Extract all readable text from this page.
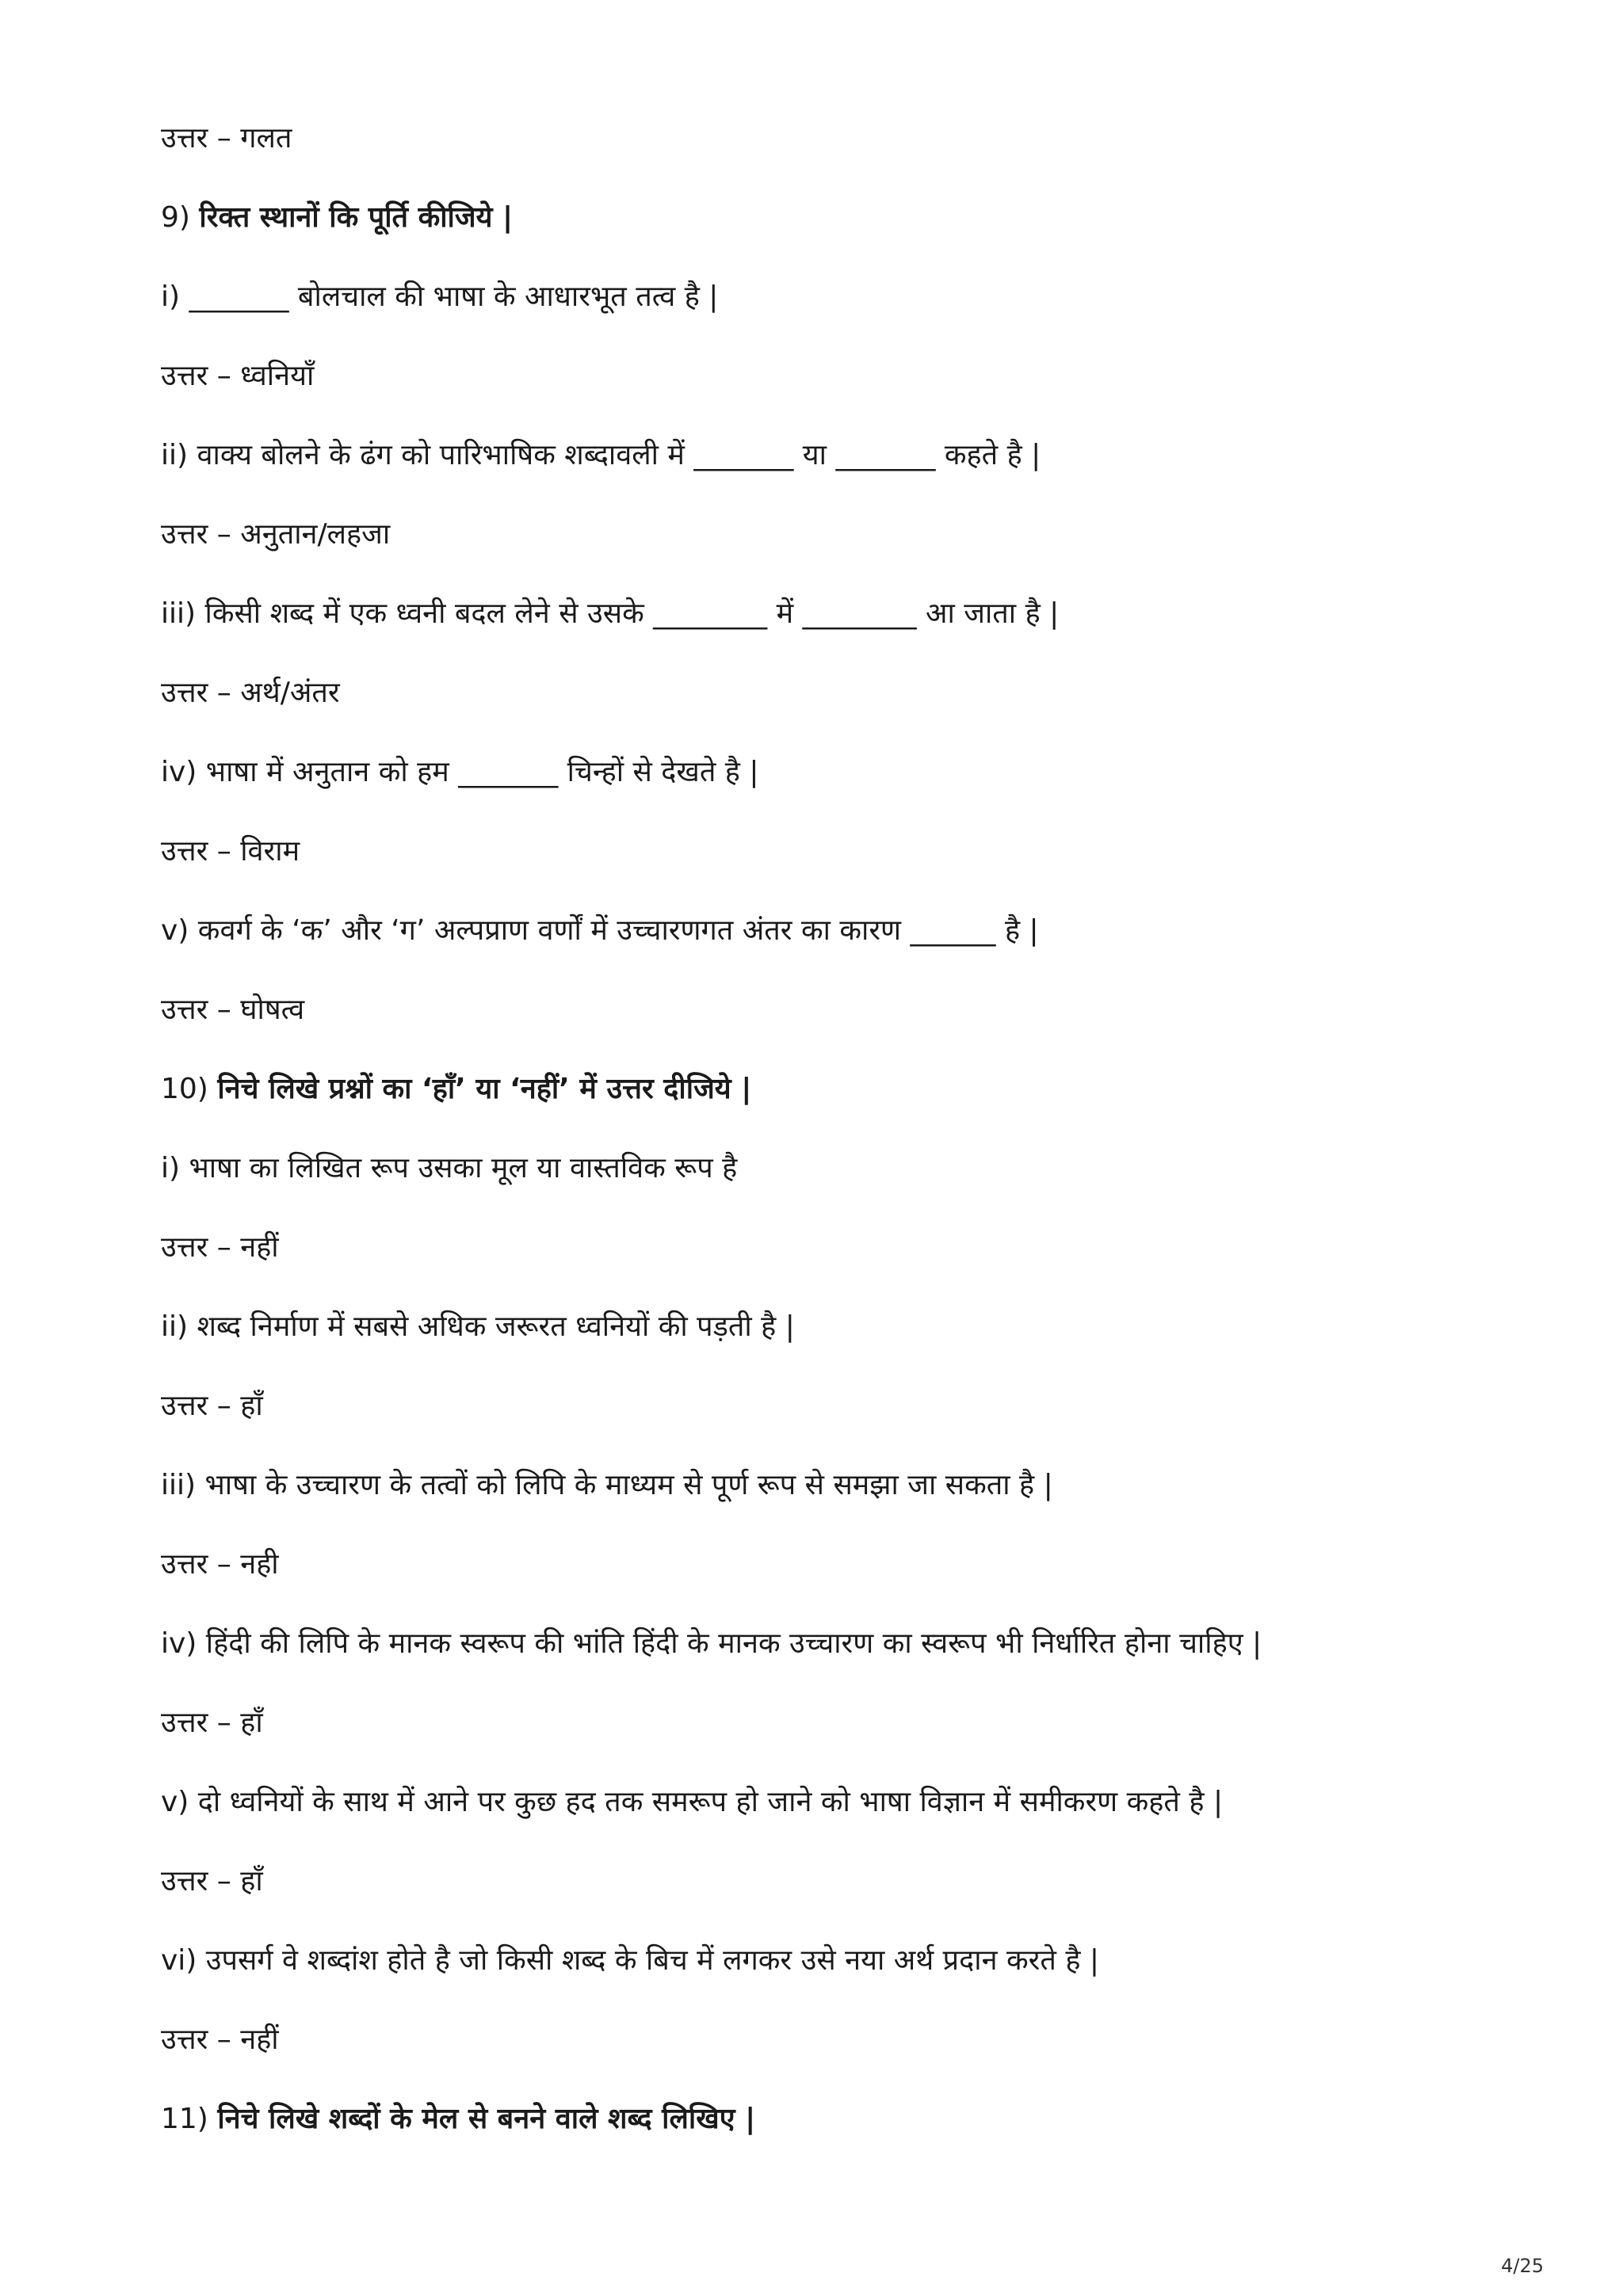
उत्तर – गलत
9) रिक्त स्थानों कि पूर्ति कीजिये |
i) _______ बोलचाल की भाषा के आधारभूत तत्व है |
उत्तर – ध्वनियाँ
ii) वाक्य बोलने के ढंग को पारिभाषिक शब्दावली में _______ या _______ कहते है |
उत्तर – अनुतान/लहजा
iii) किसी शब्द में एक ध्वनी बदल लेने से उसके ________ में ________ आ जाता है |
उत्तर – अर्थ/अंतर
iv) भाषा में अनुतान को हम _______ चिन्हों से देखते है |
उत्तर – विराम
v) कवर्ग के ‘क’ और ‘ग’ अल्पप्राण वर्णों में उच्चारणगत अंतर का कारण ______ है |
उत्तर – घोषत्व
10) निचे लिखे प्रश्नों का ‘हाँ’ या ‘नहीं’ में उत्तर दीजिये |
i) भाषा का लिखित रूप उसका मूल या वास्तविक रूप है
उत्तर – नहीं
ii) शब्द निर्माण में सबसे अधिक जरूरत ध्वनियों की पड़ती है |
उत्तर – हाँ
iii) भाषा के उच्चारण के तत्वों को लिपि के माध्यम से पूर्ण रूप से समझा जा सकता है |
उत्तर – नही
iv) हिंदी की लिपि के मानक स्वरूप की भांति हिंदी के मानक उच्चारण का स्वरूप भी निर्धारित होना चाहिए |
उत्तर – हाँ
v) दो ध्वनियों के साथ में आने पर कुछ हद तक समरूप हो जाने को भाषा विज्ञान में समीकरण कहते है |
उत्तर – हाँ
vi) उपसर्ग वे शब्दांश होते है जो किसी शब्द के बिच में लगकर उसे नया अर्थ प्रदान करते है |
उत्तर – नहीं
11) निचे लिखे शब्दों के मेल से बनने वाले शब्द लिखिए |
4/25
